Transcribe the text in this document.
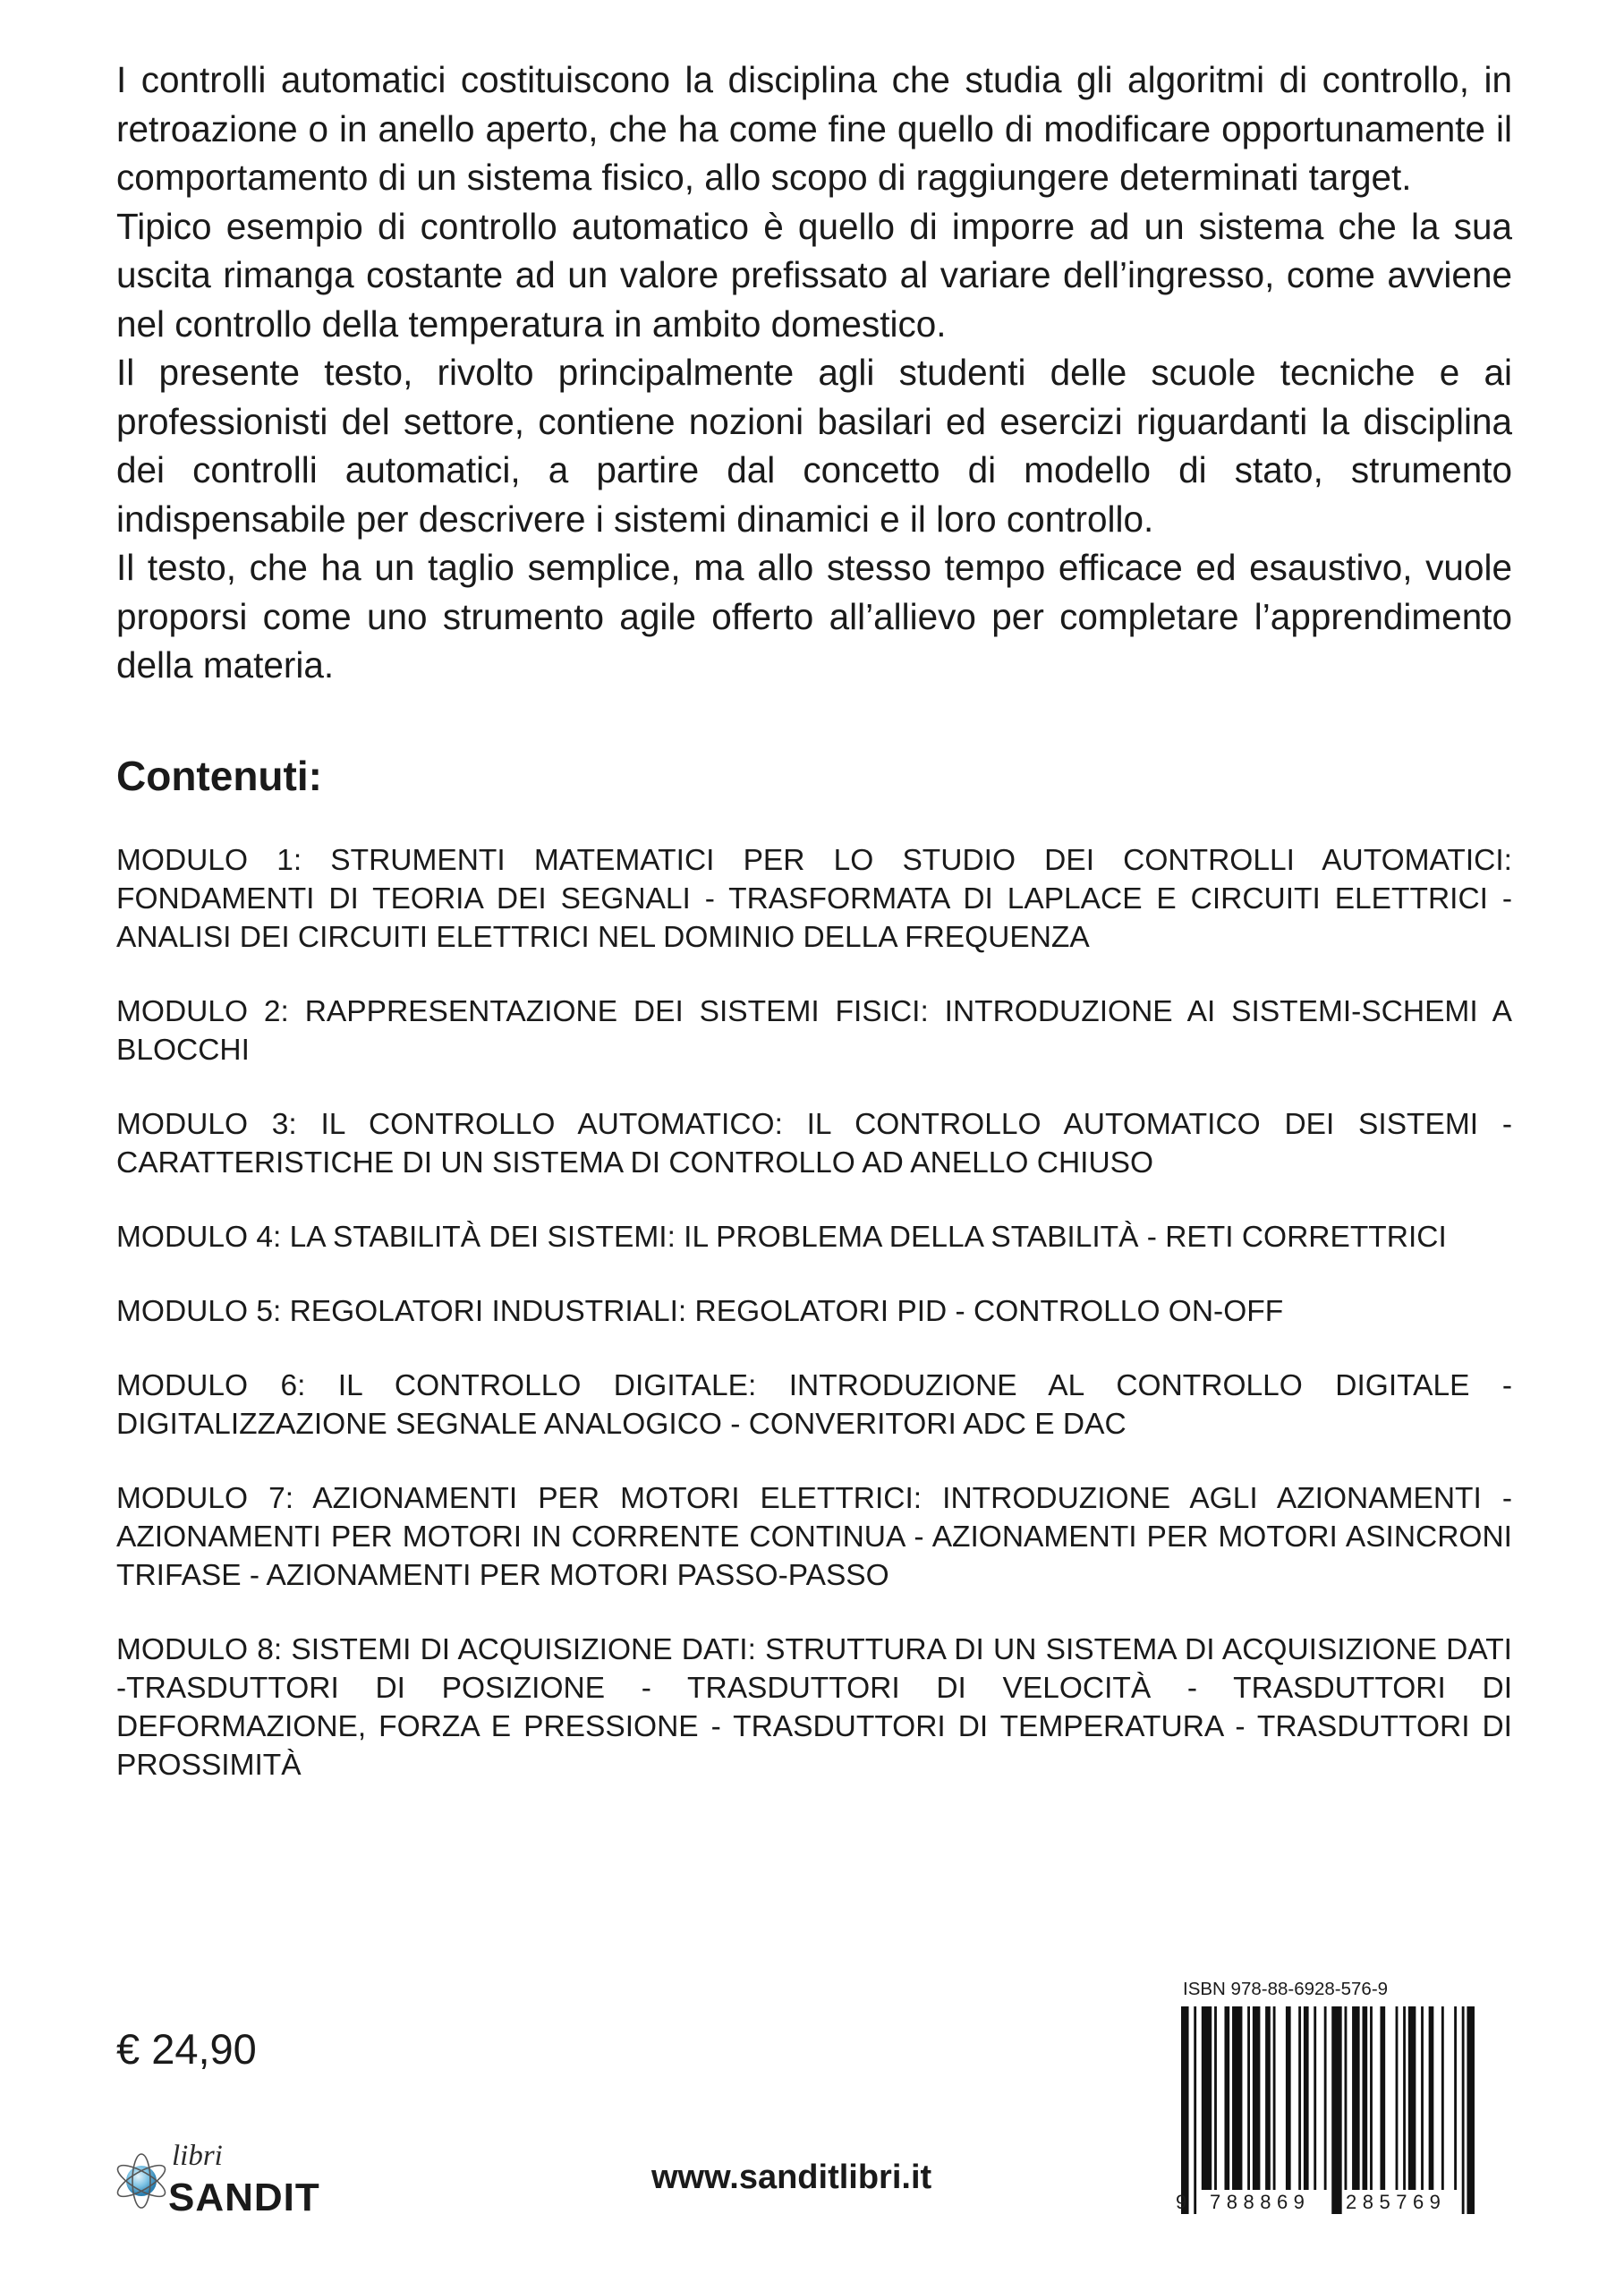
I controlli automatici costituiscono la disciplina che studia gli algoritmi di controllo, in retroazione o in anello aperto, che ha come fine quello di modificare opportunamente il comportamento di un sistema fisico, allo scopo di raggiungere determinati target.

Tipico esempio di controllo automatico è quello di imporre ad un sistema che la sua uscita rimanga costante ad un valore prefissato al variare dell’ingresso, come avviene nel controllo della temperatura in ambito domestico.

Il presente testo, rivolto principalmente agli studenti delle scuole tecniche e ai professionisti del settore, contiene nozioni basilari ed esercizi riguardanti la disciplina dei controlli automatici, a partire dal concetto di modello di stato, strumento indispensabile per descrivere i sistemi dinamici e il loro controllo.

Il testo, che ha un taglio semplice, ma allo stesso tempo efficace ed esaustivo, vuole proporsi come uno strumento agile offerto all’allievo per completare l’apprendimento della materia.

Contenuti:

MODULO 1: STRUMENTI MATEMATICI PER LO STUDIO DEI CONTROLLI AUTOMATICI: FONDAMENTI DI TEORIA DEI SEGNALI - TRASFORMATA DI LAPLACE E CIRCUITI ELETTRICI - ANALISI DEI CIRCUITI ELETTRICI NEL DOMINIO DELLA FREQUENZA

MODULO 2: RAPPRESENTAZIONE DEI SISTEMI FISICI: INTRODUZIONE AI SISTEMI-SCHEMI A BLOCCHI

MODULO 3: IL CONTROLLO AUTOMATICO: IL CONTROLLO AUTOMATICO DEI SISTEMI - CARATTERISTICHE DI UN SISTEMA DI CONTROLLO AD ANELLO CHIUSO

MODULO 4: LA STABILITÀ DEI SISTEMI: IL PROBLEMA DELLA STABILITÀ - RETI CORRETTRICI

MODULO 5: REGOLATORI INDUSTRIALI: REGOLATORI PID - CONTROLLO ON-OFF

MODULO 6: IL CONTROLLO DIGITALE: INTRODUZIONE AL CONTROLLO DIGITALE - DIGITALIZZAZIONE SEGNALE ANALOGICO - CONVERITORI ADC E DAC

MODULO 7: AZIONAMENTI PER MOTORI ELETTRICI: INTRODUZIONE AGLI AZIONAMENTI - AZIONAMENTI PER MOTORI IN CORRENTE CONTINUA - AZIONAMENTI PER MOTORI ASINCRONI TRIFASE - AZIONAMENTI PER MOTORI PASSO-PASSO

MODULO 8: SISTEMI DI ACQUISIZIONE DATI: STRUTTURA DI UN SISTEMA DI ACQUISIZIONE DATI -TRASDUTTORI DI POSIZIONE - TRASDUTTORI DI VELOCITÀ - TRASDUTTORI DI DEFORMAZIONE, FORZA E PRESSIONE - TRASDUTTORI DI TEMPERATURA - TRASDUTTORI DI PROSSIMITÀ

€ 24,90
libri
SANDIT	www.sanditlibri.it
ISBN 978-88-6928-576-9
9 788869 285769
